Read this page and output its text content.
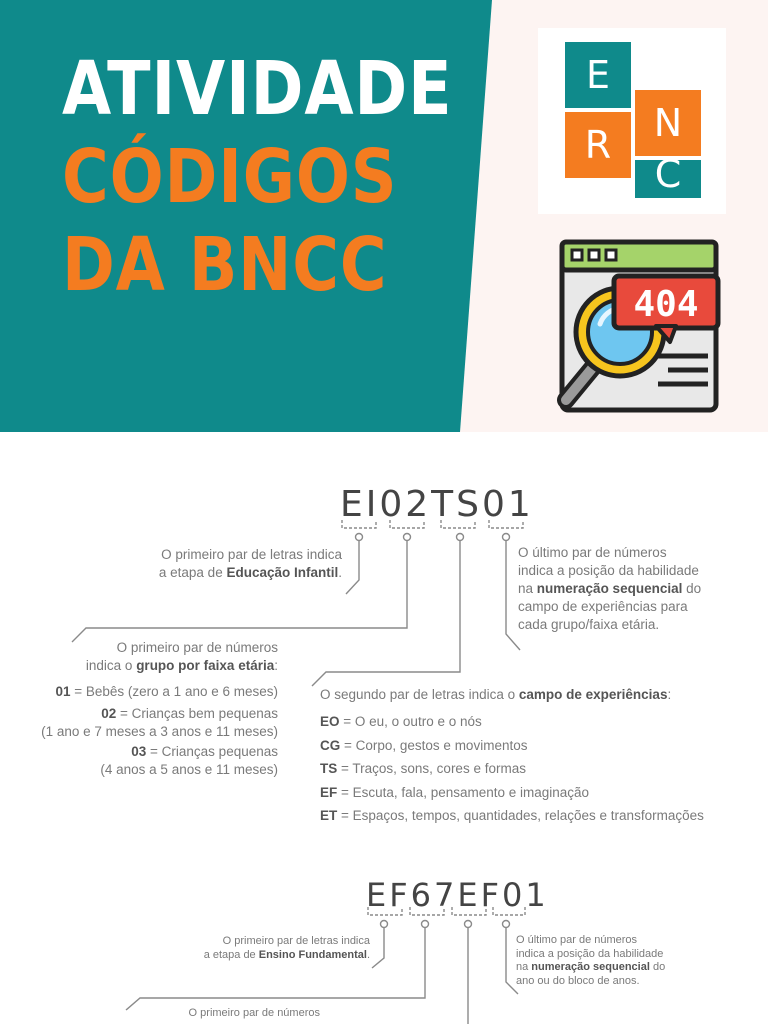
ATIVIDADE
CÓDIGOS
DA BNCC
E
N
R
C
404
EI02TS01
O primeiro par de letras indica
a etapa de Educação Infantil.
O último par de números
indica a posição da habilidade
na numeração sequencial do
campo de experiências para
cada grupo/faixa etária.
O primeiro par de números
indica o grupo por faixa etária:
01 = Bebês (zero a 1 ano e 6 meses)
02 = Crianças bem pequenas
(1 ano e 7 meses a 3 anos e 11 meses)
03 = Crianças pequenas
(4 anos a 5 anos e 11 meses)
O segundo par de letras indica o campo de experiências:
EO = O eu, o outro e o nós
CG = Corpo, gestos e movimentos
TS = Traços, sons, cores e formas
EF = Escuta, fala, pensamento e imaginação
ET = Espaços, tempos, quantidades, relações e transformações
EF67EF01
O primeiro par de letras indica
a etapa de Ensino Fundamental.
O último par de números
indica a posição da habilidade
na numeração sequencial do
ano ou do bloco de anos.
O primeiro par de números
